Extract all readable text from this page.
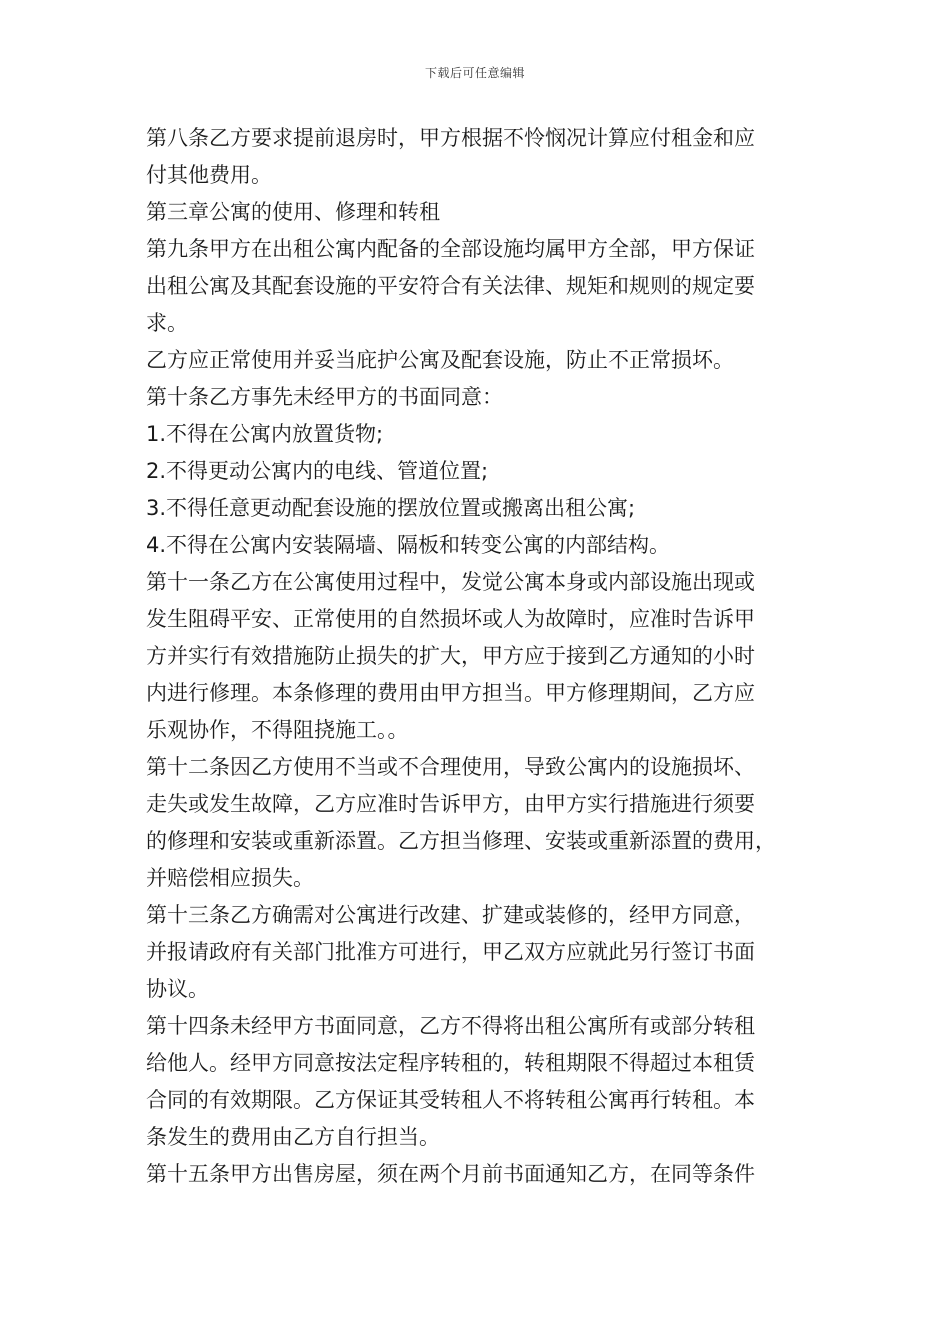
下载后可任意编辑
第八条乙方要求提前退房时，甲方根据不怜悯况计算应付租金和应
付其他费用。
第三章公寓的使用、修理和转租
第九条甲方在出租公寓内配备的全部设施均属甲方全部，甲方保证
出租公寓及其配套设施的平安符合有关法律、规矩和规则的规定要
求。
乙方应正常使用并妥当庇护公寓及配套设施，防止不正常损坏。
第十条乙方事先未经甲方的书面同意：
1.不得在公寓内放置货物;
2.不得更动公寓内的电线、管道位置;
3.不得任意更动配套设施的摆放位置或搬离出租公寓;
4.不得在公寓内安装隔墙、隔板和转变公寓的内部结构。
第十一条乙方在公寓使用过程中，发觉公寓本身或内部设施出现或
发生阻碍平安、正常使用的自然损坏或人为故障时，应准时告诉甲
方并实行有效措施防止损失的扩大，甲方应于接到乙方通知的小时
内进行修理。本条修理的费用由甲方担当。甲方修理期间，乙方应
乐观协作，不得阻挠施工。。
第十二条因乙方使用不当或不合理使用，导致公寓内的设施损坏、
走失或发生故障，乙方应准时告诉甲方，由甲方实行措施进行须要
的修理和安装或重新添置。乙方担当修理、安装或重新添置的费用，
并赔偿相应损失。
第十三条乙方确需对公寓进行改建、扩建或装修的，经甲方同意，
并报请政府有关部门批准方可进行，甲乙双方应就此另行签订书面
协议。
第十四条未经甲方书面同意，乙方不得将出租公寓所有或部分转租
给他人。经甲方同意按法定程序转租的，转租期限不得超过本租赁
合同的有效期限。乙方保证其受转租人不将转租公寓再行转租。本
条发生的费用由乙方自行担当。
第十五条甲方出售房屋，须在两个月前书面通知乙方，在同等条件
